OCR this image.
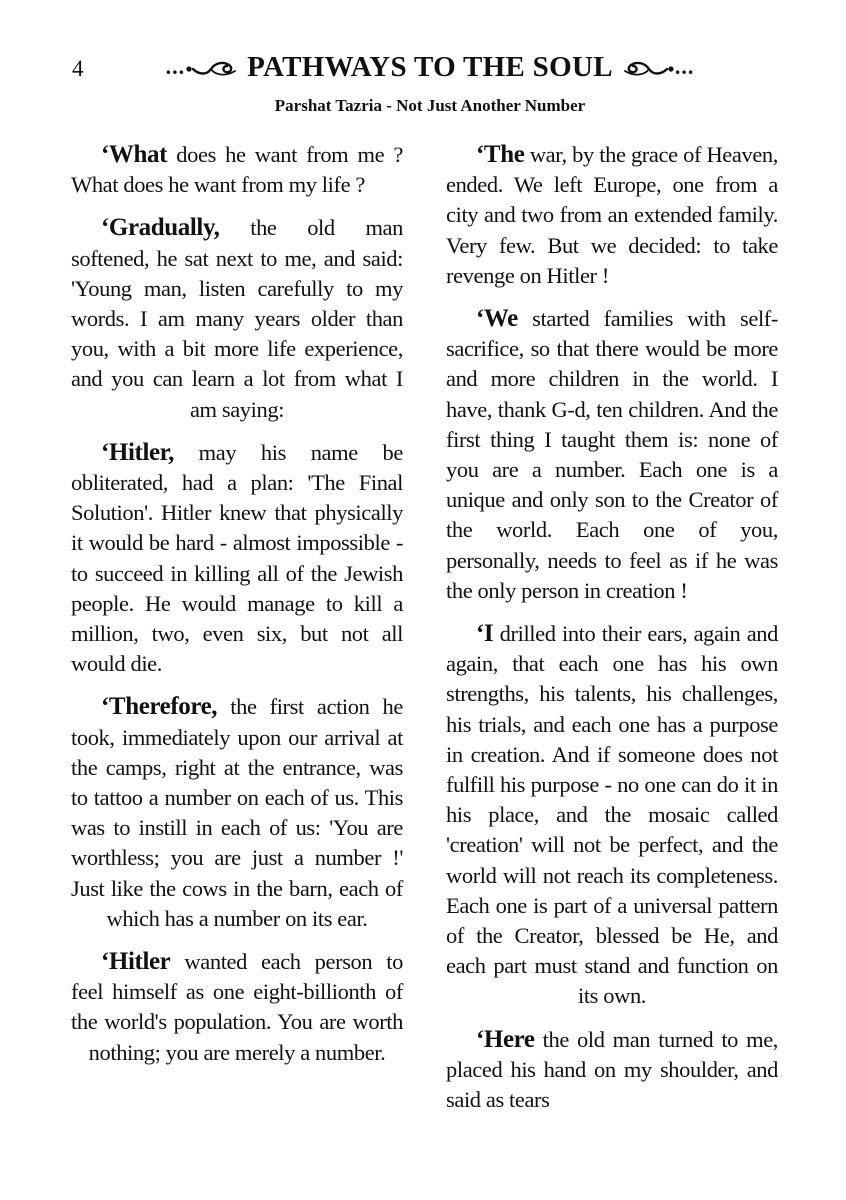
4	... PATHWAYS TO THE SOUL	...
Parshat Tazria - Not Just Another Number

‘What does he want from me ? What does he want from my life ?

‘Gradually, the old man softened, he sat next to me, and said: 'Young man, listen carefully to my words. I am many years older than you, with a bit more life experience, and you can learn a lot from what I am saying:

‘Hitler, may his name be obliterated, had a plan: 'The Final Solution'. Hitler knew that physically it would be hard - almost impossible - to succeed in killing all of the Jewish people. He would manage to kill a million, two, even six, but not all would die.

‘Therefore, the first action he took, immediately upon our arrival at the camps, right at the entrance, was to tattoo a number on each of us. This was to instill in each of us: 'You are worthless; you are just a number !' Just like the cows in the barn, each of which has a number on its ear.

‘Hitler wanted each person to feel himself as one eight-billionth of the world's population. You are worth nothing; you are merely a number.

‘The war, by the grace of Heaven, ended. We left Europe, one from a city and two from an extended family. Very few. But we decided: to take revenge on Hitler !

‘We started families with self-sacrifice, so that there would be more and more children in the world. I have, thank G-d, ten children. And the first thing I taught them is: none of you are a number. Each one is a unique and only son to the Creator of the world. Each one of you, personally, needs to feel as if he was the only person in creation !

‘I drilled into their ears, again and again, that each one has his own strengths, his talents, his challenges, his trials, and each one has a purpose in creation. And if someone does not fulfill his purpose - no one can do it in his place, and the mosaic called 'creation' will not be perfect, and the world will not reach its completeness. Each one is part of a universal pattern of the Creator, blessed be He, and each part must stand and function on its own.

‘Here the old man turned to me, placed his hand on my shoulder, and said as tears
